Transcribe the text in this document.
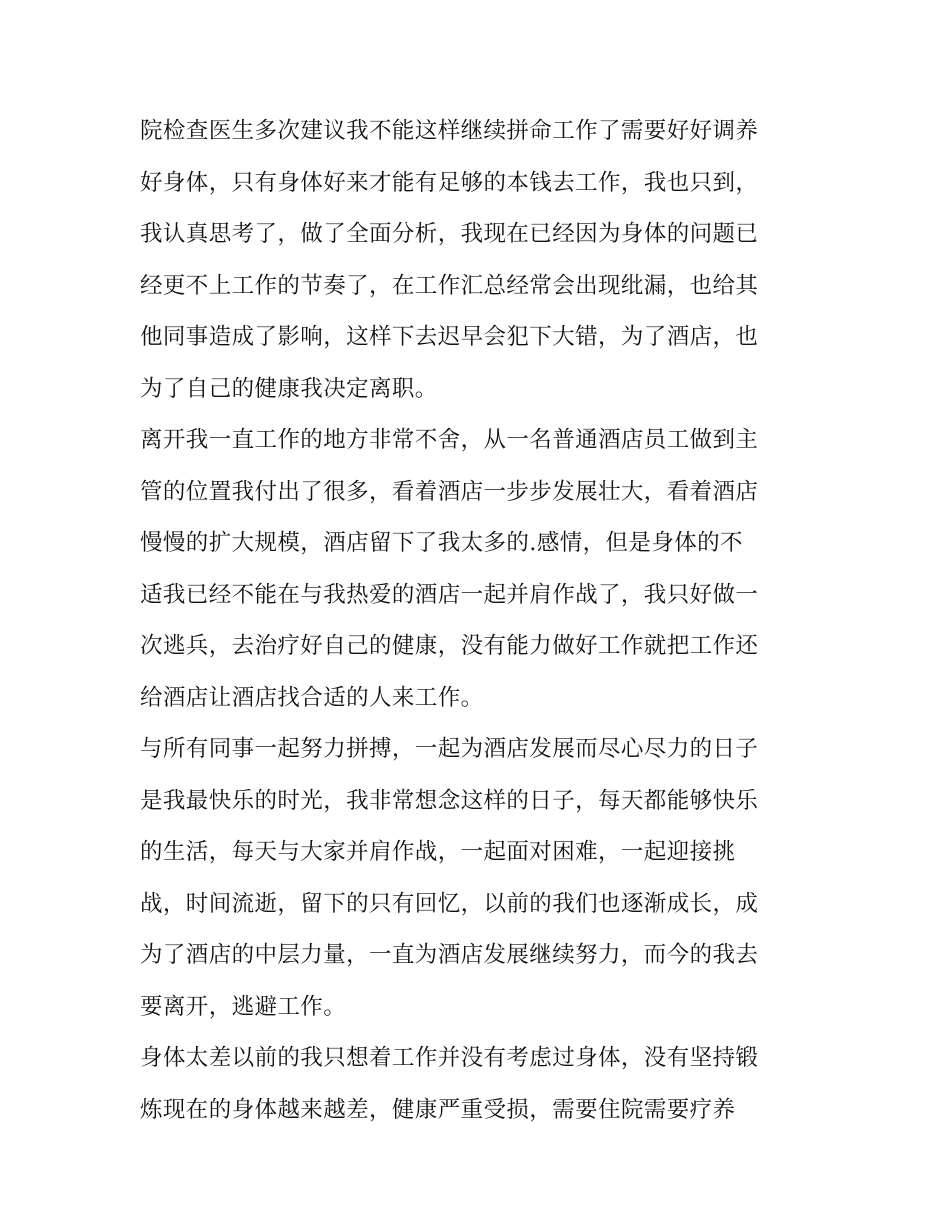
院检查医生多次建议我不能这样继续拼命工作了需要好好调养
好身体，只有身体好来才能有足够的本钱去工作，我也只到，
我认真思考了，做了全面分析，我现在已经因为身体的问题已
经更不上工作的节奏了，在工作汇总经常会出现纰漏，也给其
他同事造成了影响，这样下去迟早会犯下大错，为了酒店，也
为了自己的健康我决定离职。
离开我一直工作的地方非常不舍，从一名普通酒店员工做到主
管的位置我付出了很多，看着酒店一步步发展壮大，看着酒店
慢慢的扩大规模，酒店留下了我太多的.感情，但是身体的不
适我已经不能在与我热爱的酒店一起并肩作战了，我只好做一
次逃兵，去治疗好自己的健康，没有能力做好工作就把工作还
给酒店让酒店找合适的人来工作。
与所有同事一起努力拼搏，一起为酒店发展而尽心尽力的日子
是我最快乐的时光，我非常想念这样的日子，每天都能够快乐
的生活，每天与大家并肩作战，一起面对困难，一起迎接挑
战，时间流逝，留下的只有回忆，以前的我们也逐渐成长，成
为了酒店的中层力量，一直为酒店发展继续努力，而今的我去
要离开，逃避工作。
身体太差以前的我只想着工作并没有考虑过身体，没有坚持锻
炼现在的身体越来越差，健康严重受损，需要住院需要疗养
